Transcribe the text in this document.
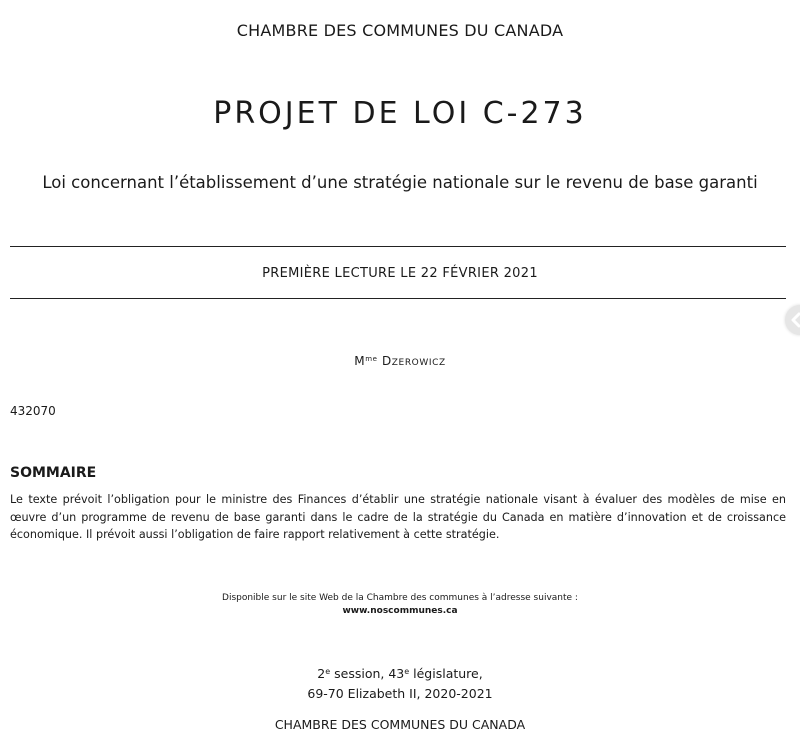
CHAMBRE DES COMMUNES DU CANADA
PROJET DE LOI C-273
Loi concernant l’établissement d’une stratégie nationale sur le revenu de base garanti
PREMIÈRE LECTURE LE 22 FÉVRIER 2021
$M^{me}$ DZEROWICZ
432070
SOMMAIRE
Le texte prévoit l’obligation pour le ministre des Finances d’établir une stratégie nationale visant à évaluer des modèles de mise en œuvre d’un programme de revenu de base garanti dans le cadre de la stratégie du Canada en matière d’innovation et de croissance économique. Il prévoit aussi l’obligation de faire rapport relativement à cette stratégie.
Disponible sur le site Web de la Chambre des communes à l’adresse suivante :
www.noscommunes.ca
2e session, 43e législature,
69-70 Elizabeth II, 2020-2021
CHAMBRE DES COMMUNES DU CANADA
